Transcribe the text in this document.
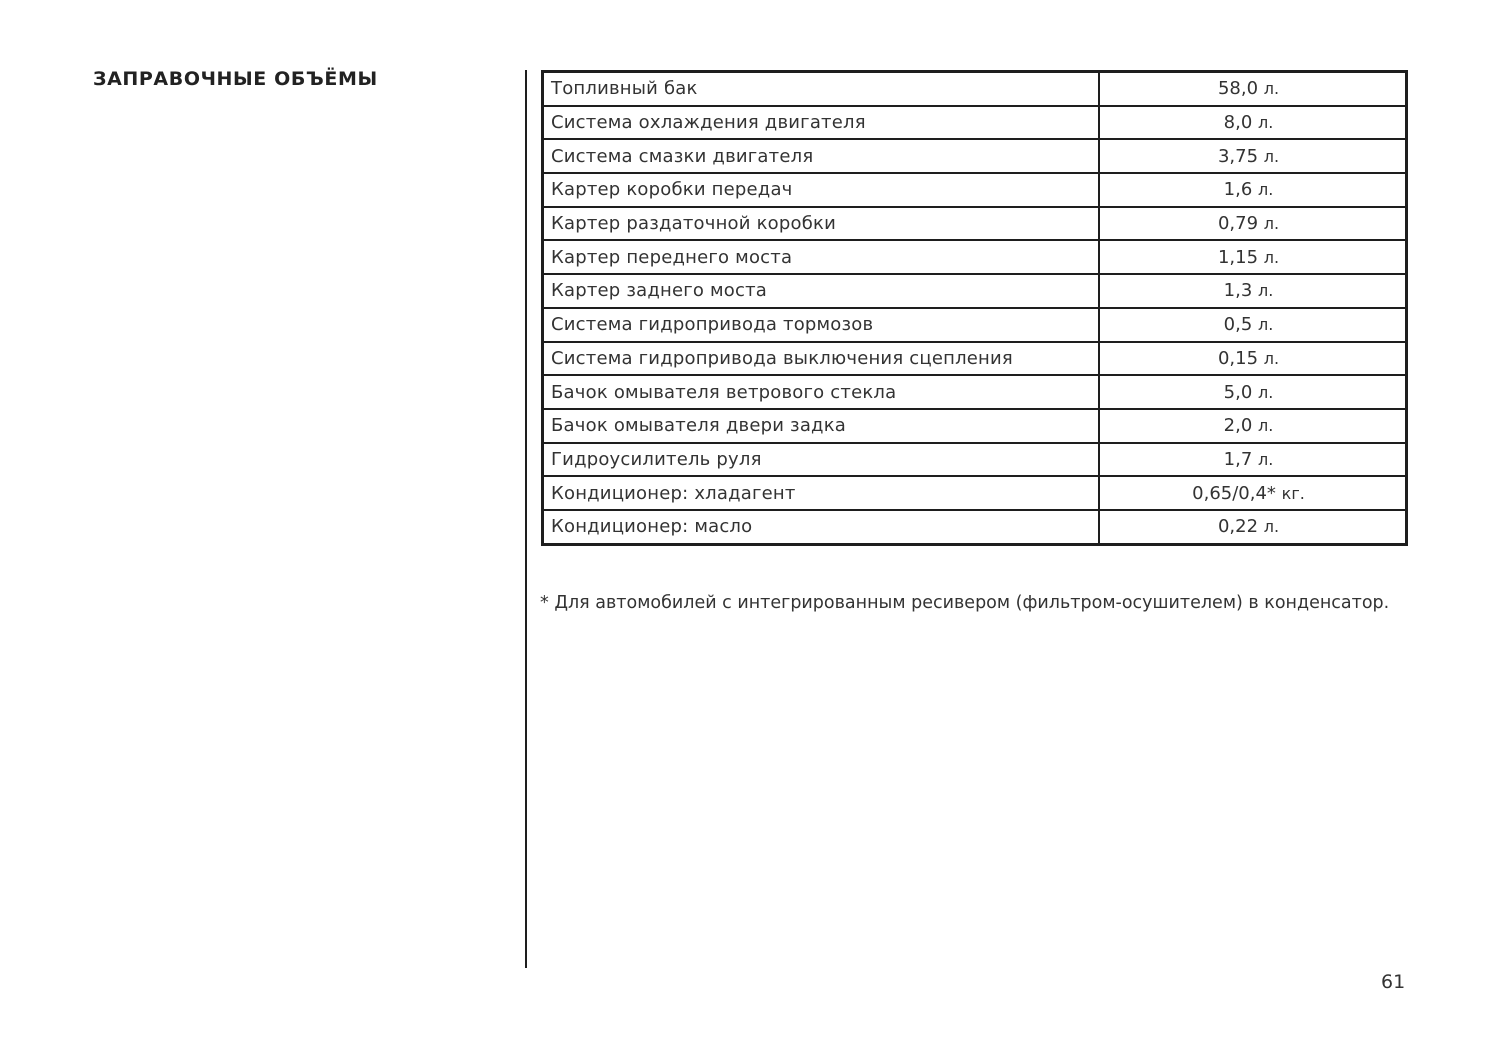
ЗАПРАВОЧНЫЕ ОБЪЁМЫ	Топливный бак	58,0 л.
Система охлаждения двигателя	8,0 л.
Система смазки двигателя	3,75 л.
Картер коробки передач	1,6 л.
Картер раздаточной коробки	0,79 л.
Картер переднего моста	1,15 л.
Картер заднего моста	1,3 л.
Система гидропривода тормозов	0,5 л.
Система гидропривода выключения сцепления	0,15 л.
Бачок омывателя ветрового стекла	5,0 л.
Бачок омывателя двери задка	2,0 л.
Гидроусилитель руля	1,7 л.
Кондиционер: хладагент	0,65/0,4* кг.
Кондиционер: масло	0,22 л.

* Для автомобилей с интегрированным ресивером (фильтром-осушителем) в конденсатор.

61
